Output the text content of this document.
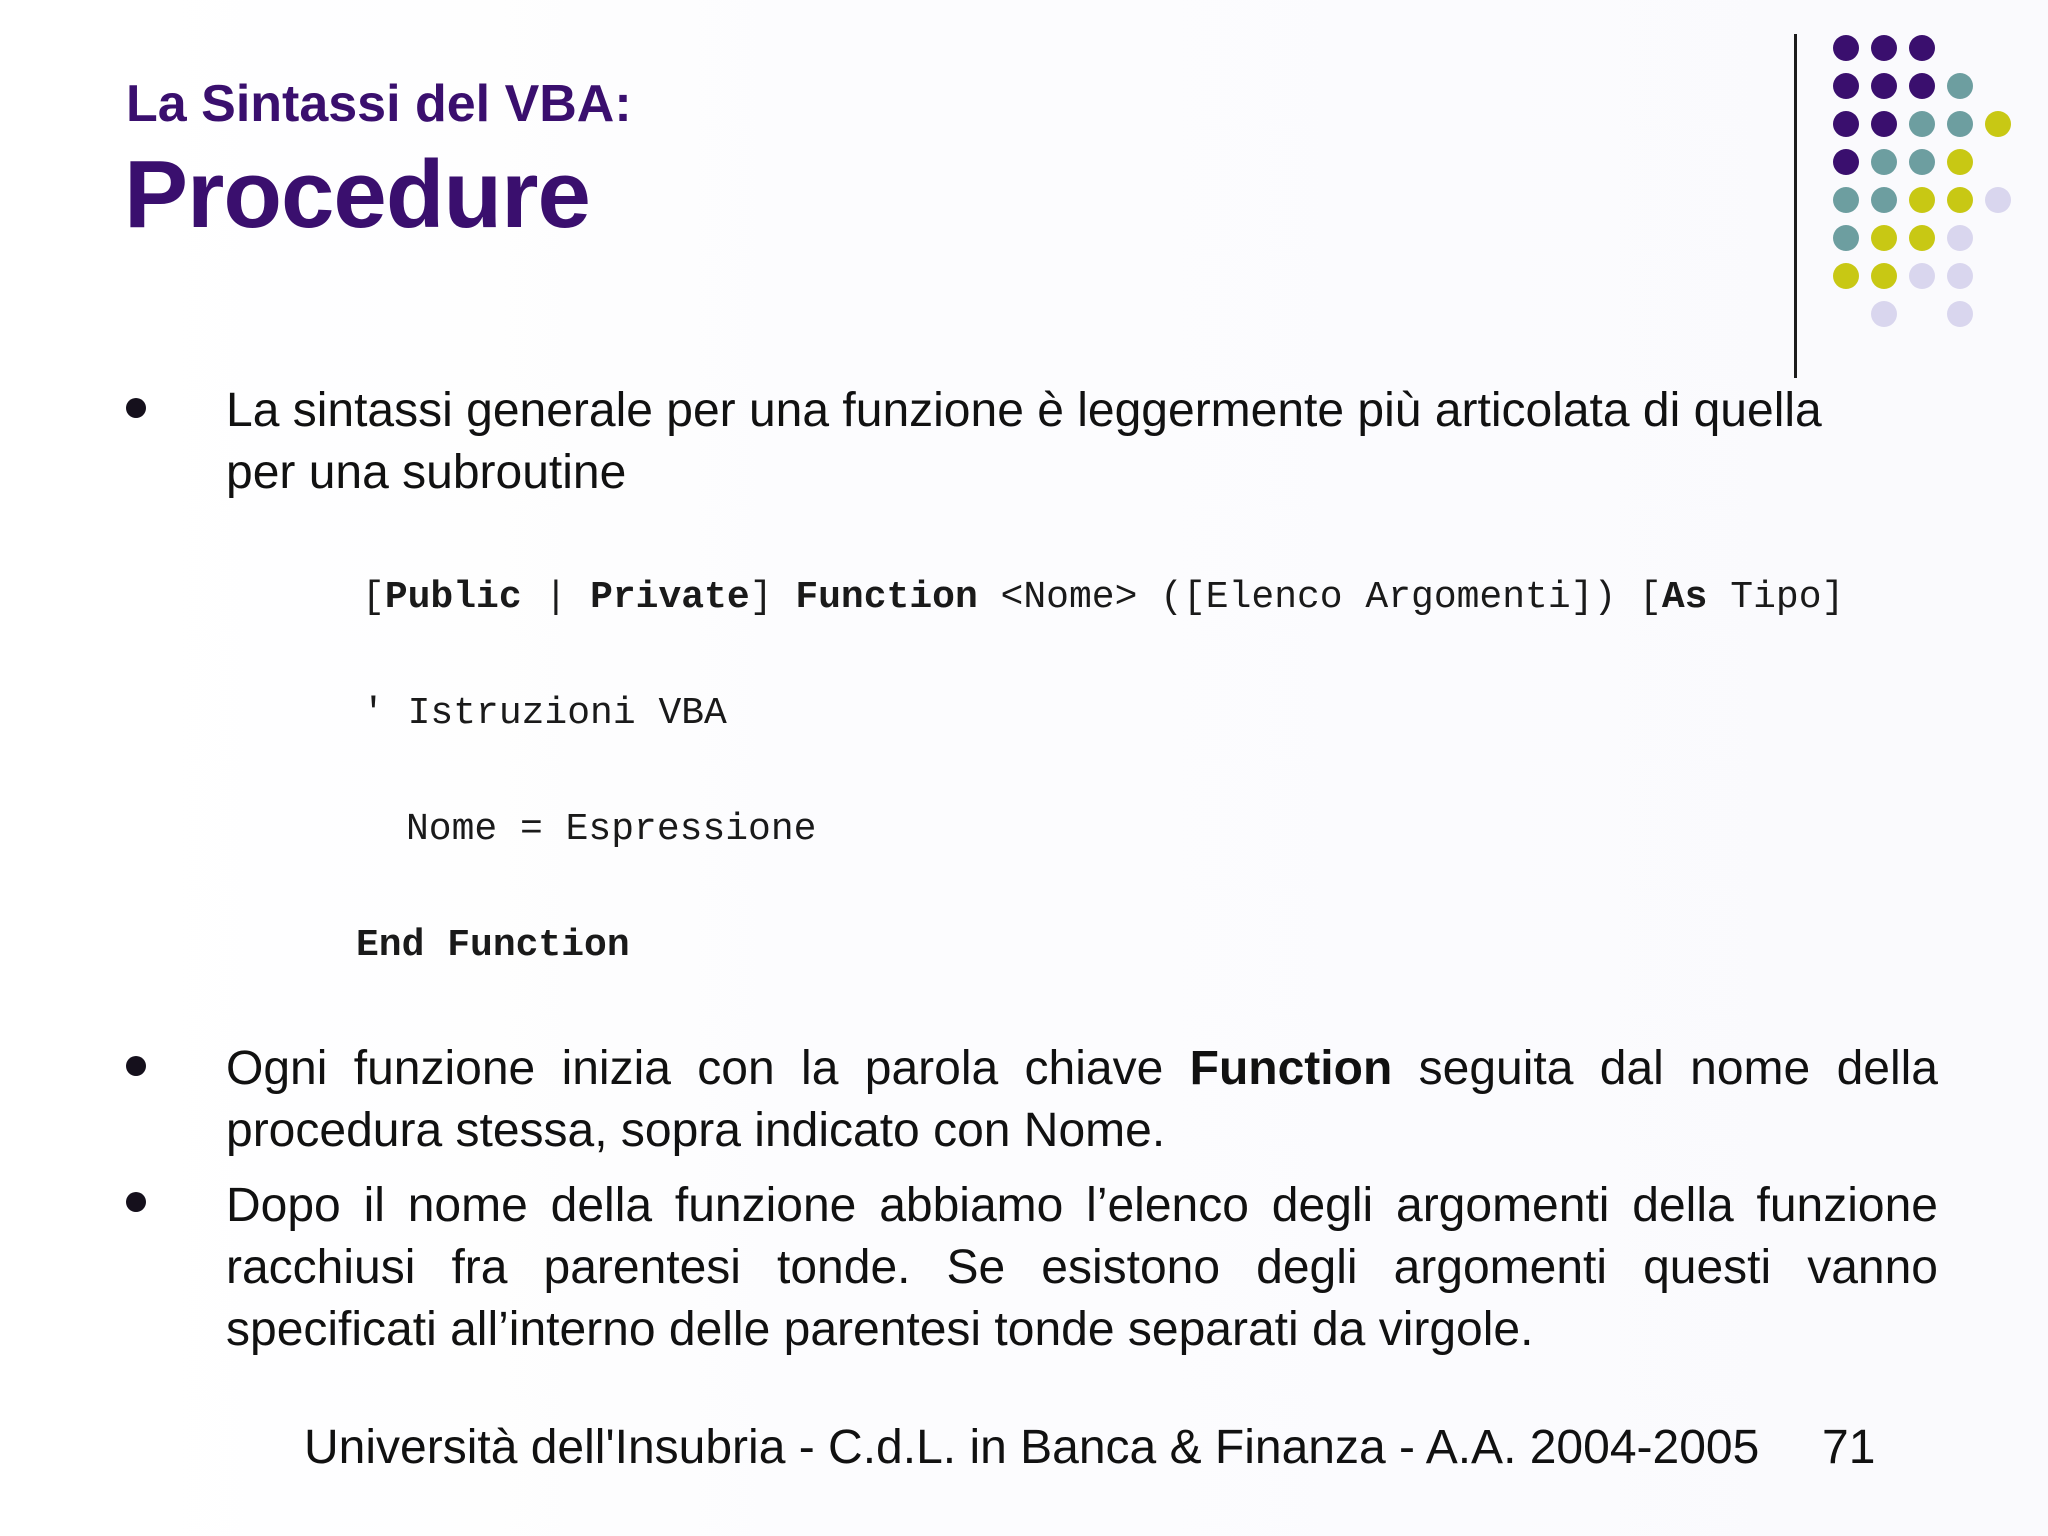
La Sintassi del VBA:
Procedure
La sintassi generale per una funzione è leggermente più articolata di quella
per una subroutine
[Public | Private] Function <Nome> ([Elenco Argomenti]) [As Tipo]
' Istruzioni VBA
Nome = Espressione
End Function
Ogni funzione inizia con la parola chiave Function seguita dal nome della procedura stessa, sopra indicato con Nome.
Dopo il nome della funzione abbiamo l’elenco degli argomenti della funzione racchiusi fra parentesi tonde. Se esistono degli argomenti questi vanno specificati all’interno delle parentesi tonde separati da virgole.
Università dell'Insubria - C.d.L. in Banca & Finanza - A.A. 2004-2005 71
